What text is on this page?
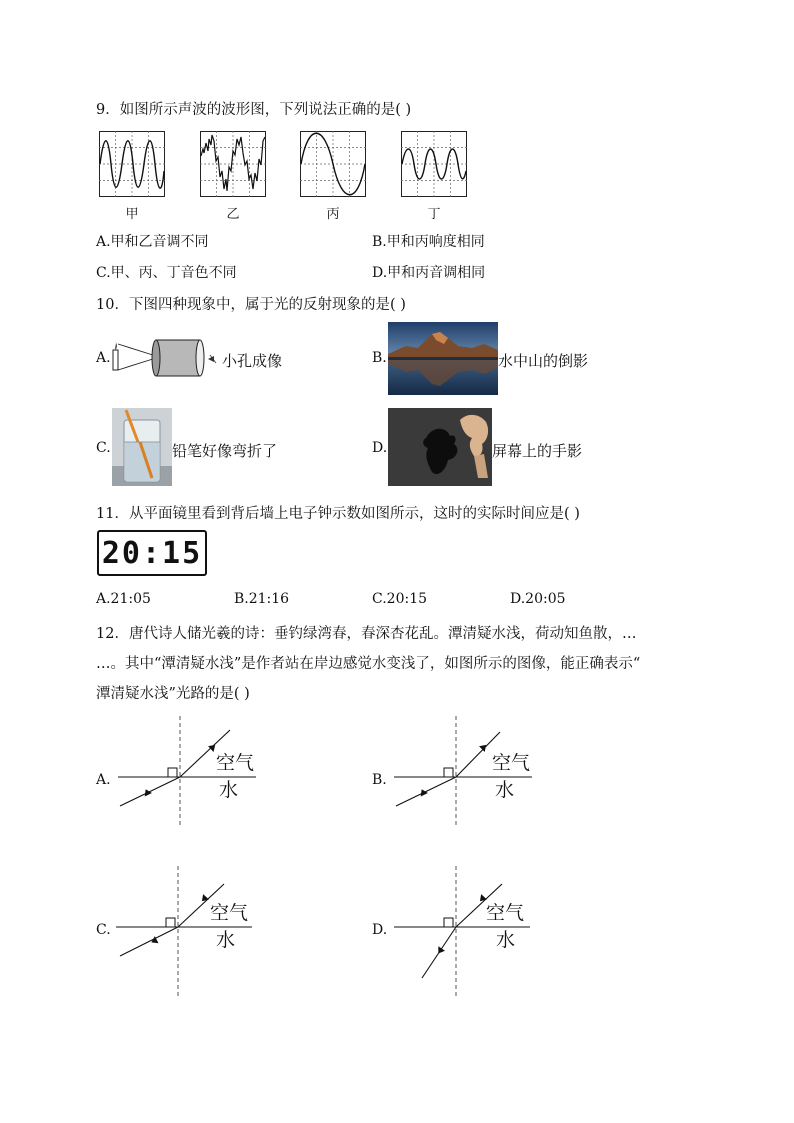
9．如图所示声波的波形图，下列说法正确的是( )
甲	乙	丙	丁
A.甲和乙音调不同	B.甲和丙响度相同
C.甲、丙、丁音色不同	D.甲和丙音调相同
10．下图四种现象中，属于光的反射现象的是( )
A.	小孔成像	B.	水中山的倒影
C.	铅笔好像弯折了	D.	屏幕上的手影
11．从平面镜里看到背后墙上电子钟示数如图所示，这时的实际时间应是( )
20:15
A.21:05	B.21:16	C.20:15	D.20:05
12．唐代诗人储光羲的诗：垂钓绿湾春，春深杏花乱。潭清疑水浅，荷动知鱼散，…
…。其中“潭清疑水浅”是作者站在岸边感觉水变浅了，如图所示的图像，能正确表示“
潭清疑水浅”光路的是( )
A.
空气
水	B.
空气
水
C.
空气
水	D.
空气
水
